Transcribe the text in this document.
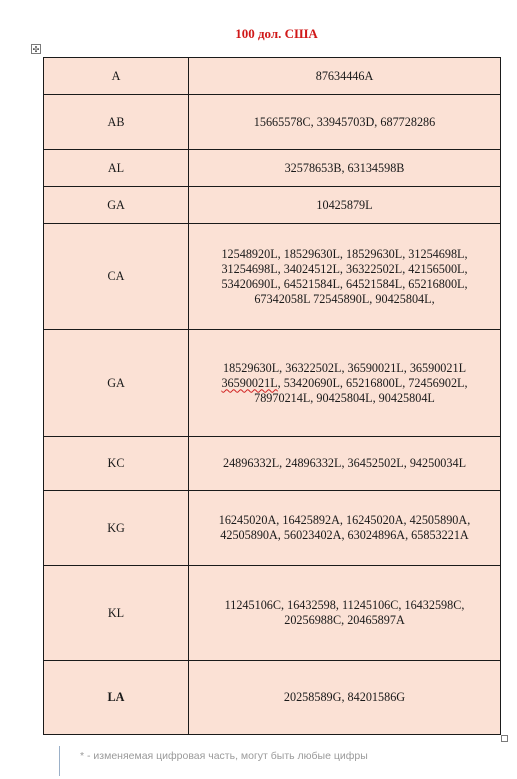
100 дол. США
✣
A	87634446A
AB	15665578C, 33945703D, 687728286
AL	32578653B, 63134598B
GA	10425879L
CA	12548920L, 18529630L, 18529630L, 31254698L,
31254698L, 34024512L, 36322502L, 42156500L,
53420690L, 64521584L, 64521584L, 65216800L,
67342058L 72545890L, 90425804L,

GA	18529630L, 36322502L, 36590021L, 36590021L
36590021L, 53420690L, 65216800L, 72456902L,
78970214L, 90425804L, 90425804L

KC	24896332L, 24896332L, 36452502L, 94250034L
KG	16245020A, 16425892A, 16245020A, 42505890A,
42505890A, 56023402A, 63024896A, 65853221A

KL	11245106C, 16432598, 11245106C, 16432598C,
20256988C, 20465897A

LA	20258589G, 84201586G
* - изменяемая цифровая часть, могут быть любые цифры
